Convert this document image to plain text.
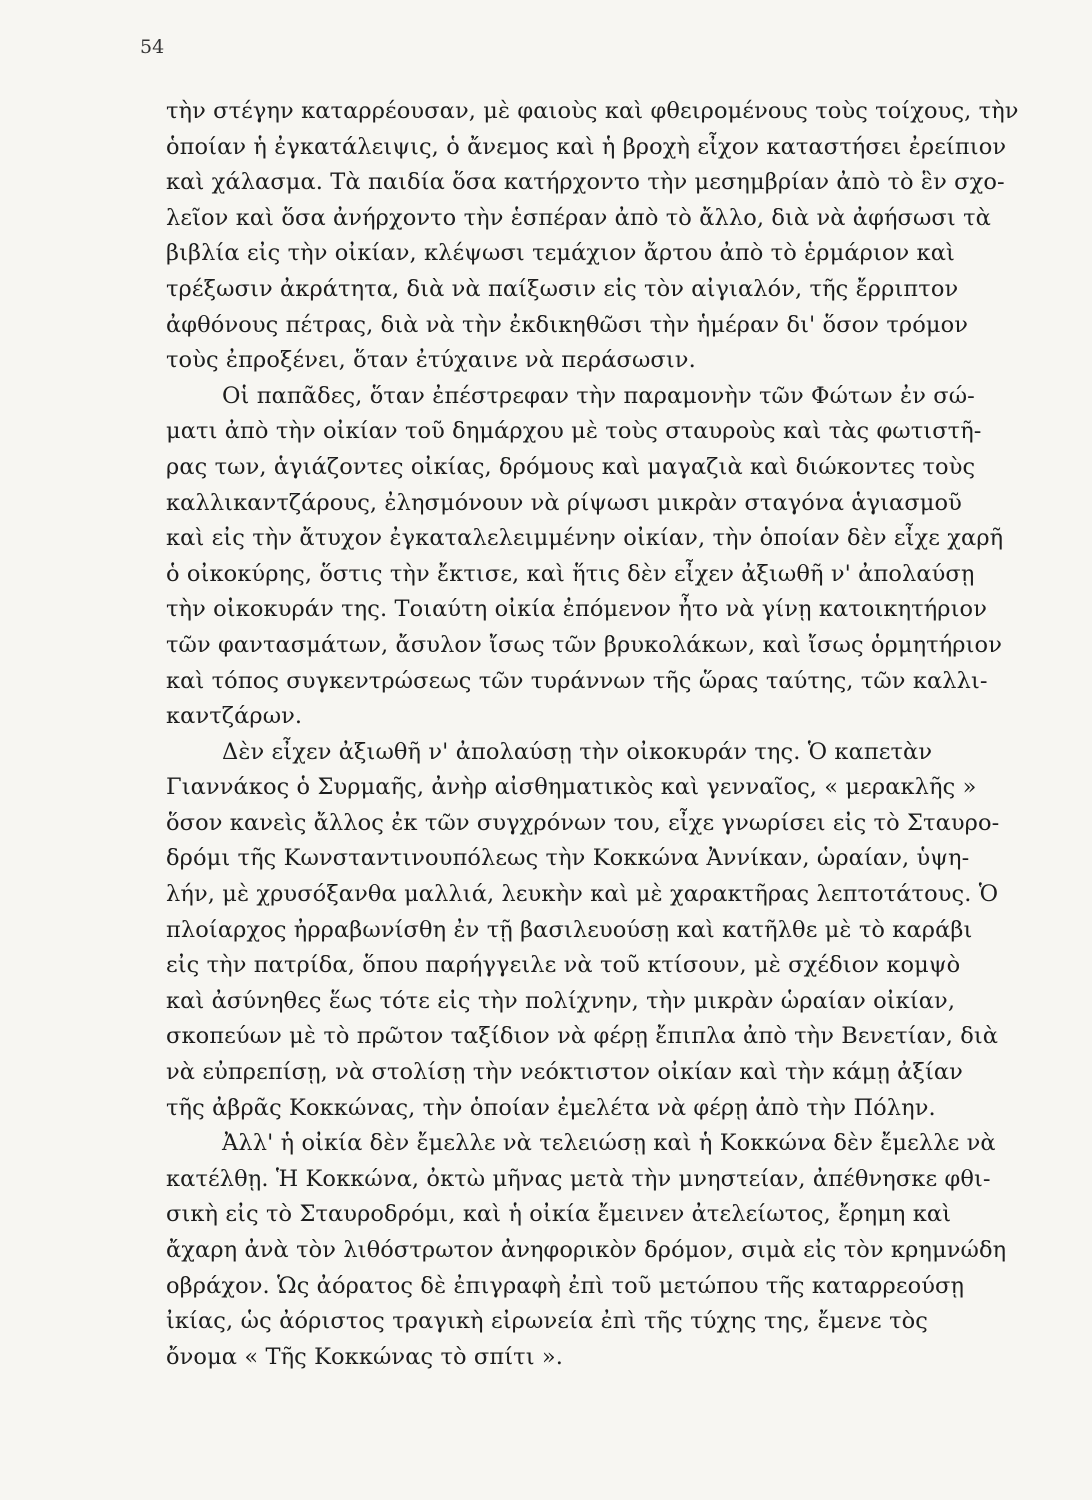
54
τὴν στέγην καταρρέουσαν, μὲ φαιοὺς καὶ φθειρομένους τοὺς τοίχους, τὴν
ὁποίαν ἡ ἐγκατάλειψις, ὁ ἄνεμος καὶ ἡ βροχὴ εἶχον καταστήσει ἐρείπιον
καὶ χάλασμα. Τὰ παιδία ὅσα κατήρχοντο τὴν μεσημβρίαν ἀπὸ τὸ ἓν σχο-
λεῖον καὶ ὅσα ἀνήρχοντο τὴν ἑσπέραν ἀπὸ τὸ ἄλλο, διὰ νὰ ἀφήσωσι τὰ
βιβλία εἰς τὴν οἰκίαν, κλέψωσι τεμάχιον ἄρτου ἀπὸ τὸ ἑρμάριον καὶ
τρέξωσιν ἀκράτητα, διὰ νὰ παίξωσιν εἰς τὸν αἰγιαλόν, τῆς ἔρριπτον
ἀφθόνους πέτρας, διὰ νὰ τὴν ἐκδικηθῶσι τὴν ἡμέραν δι' ὅσον τρόμον
τοὺς ἐπροξένει, ὅταν ἐτύχαινε νὰ περάσωσιν.
Οἱ παπᾶδες, ὅταν ἐπέστρεφαν τὴν παραμονὴν τῶν Φώτων ἐν σώ-
ματι ἀπὸ τὴν οἰκίαν τοῦ δημάρχου μὲ τοὺς σταυροὺς καὶ τὰς φωτιστῆ-
ρας των, ἁγιάζοντες οἰκίας, δρόμους καὶ μαγαζιὰ καὶ διώκοντες τοὺς
καλλικαντζάρους, ἐλησμόνουν νὰ ρίψωσι μικρὰν σταγόνα ἁγιασμοῦ
καὶ εἰς τὴν ἄτυχον ἐγκαταλελειμμένην οἰκίαν, τὴν ὁποίαν δὲν εἶχε χαρῆ
ὁ οἰκοκύρης, ὅστις τὴν ἔκτισε, καὶ ἥτις δὲν εἶχεν ἀξιωθῆ ν' ἀπολαύσῃ
τὴν οἰκοκυράν της. Τοιαύτη οἰκία ἐπόμενον ἦτο νὰ γίνῃ κατοικητήριον
τῶν φαντασμάτων, ἄσυλον ἴσως τῶν βρυκολάκων, καὶ ἴσως ὁρμητήριον
καὶ τόπος συγκεντρώσεως τῶν τυράννων τῆς ὥρας ταύτης, τῶν καλλι-
καντζάρων.
Δὲν εἶχεν ἀξιωθῆ ν' ἀπολαύσῃ τὴν οἰκοκυράν της. Ὁ καπετὰν
Γιαννάκος ὁ Συρμαῆς, ἀνὴρ αἰσθηματικὸς καὶ γενναῖος, « μερακλῆς »
ὅσον κανεὶς ἄλλος ἐκ τῶν συγχρόνων του, εἶχε γνωρίσει εἰς τὸ Σταυρο-
δρόμι τῆς Κωνσταντινουπόλεως τὴν Κοκκώνα Ἀννίκαν, ὡραίαν, ὑψη-
λήν, μὲ χρυσόξανθα μαλλιά, λευκὴν καὶ μὲ χαρακτῆρας λεπτοτάτους. Ὁ
πλοίαρχος ἠρραβωνίσθη ἐν τῇ βασιλευούσῃ καὶ κατῆλθε μὲ τὸ καράβι
εἰς τὴν πατρίδα, ὅπου παρήγγειλε νὰ τοῦ κτίσουν, μὲ σχέδιον κομψὸ
καὶ ἀσύνηθες ἕως τότε εἰς τὴν πολίχνην, τὴν μικρὰν ὡραίαν οἰκίαν,
σκοπεύων μὲ τὸ πρῶτον ταξίδιον νὰ φέρῃ ἔπιπλα ἀπὸ τὴν Βενετίαν, διὰ
νὰ εὐπρεπίσῃ, νὰ στολίσῃ τὴν νεόκτιστον οἰκίαν καὶ τὴν κάμῃ ἀξίαν
τῆς ἀβρᾶς Κοκκώνας, τὴν ὁποίαν ἐμελέτα νὰ φέρῃ ἀπὸ τὴν Πόλην.
Ἀλλ' ἡ οἰκία δὲν ἔμελλε νὰ τελειώσῃ καὶ ἡ Κοκκώνα δὲν ἔμελλε νὰ
κατέλθῃ. Ἡ Κοκκώνα, ὀκτὼ μῆνας μετὰ τὴν μνηστείαν, ἀπέθνησκε φθι-
σικὴ εἰς τὸ Σταυροδρόμι, καὶ ἡ οἰκία ἔμεινεν ἀτελείωτος, ἔρημη καὶ
ἄχαρη ἀνὰ τὸν λιθόστρωτον ἀνηφορικὸν δρόμον, σιμὰ εἰς τὸν κρημνώδη
οβράχον. Ὡς ἀόρατος δὲ ἐπιγραφὴ ἐπὶ τοῦ μετώπου τῆς καταρρεούσῃ
ἰκίας, ὡς ἀόριστος τραγικὴ εἰρωνεία ἐπὶ τῆς τύχης της, ἔμενε τὸς
ὄνομα « Τῆς Κοκκώνας τὸ σπίτι ».
